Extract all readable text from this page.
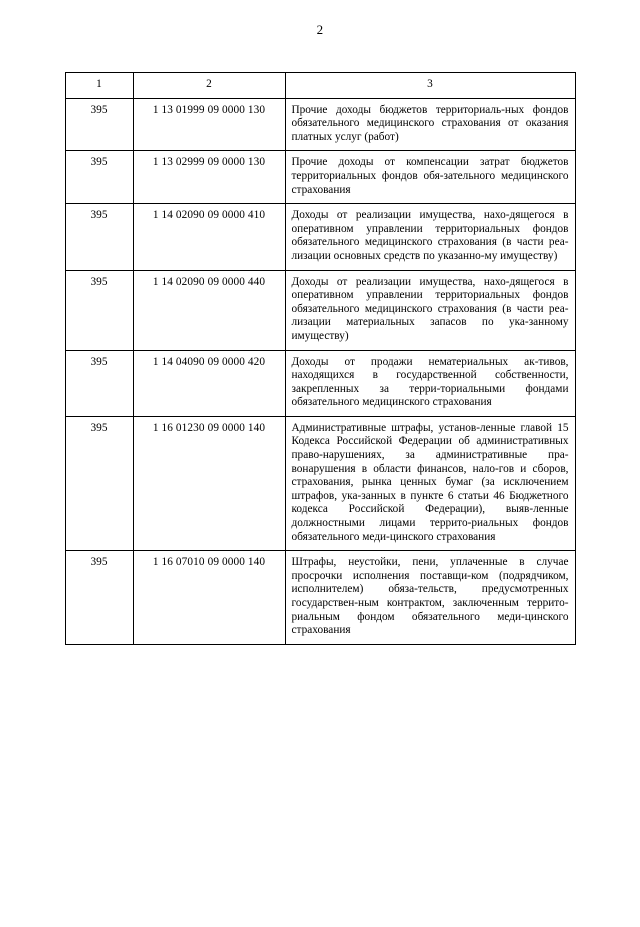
2
1	2	3
395	1 13 01999 09 0000 130	Прочие доходы бюджетов территориаль-ных фондов обязательного медицинского страхования от оказания платных услуг (работ)
395	1 13 02999 09 0000 130	Прочие доходы от компенсации затрат бюджетов территориальных фондов обя-зательного медицинского страхования
395	1 14 02090 09 0000 410	Доходы от реализации имущества, нахо-дящегося в оперативном управлении территориальных фондов обязательного медицинского страхования (в части реа-лизации основных средств по указанно-му имуществу)
395	1 14 02090 09 0000 440	Доходы от реализации имущества, нахо-дящегося в оперативном управлении территориальных фондов обязательного медицинского страхования (в части реа-лизации материальных запасов по ука-занному имуществу)
395	1 14 04090 09 0000 420	Доходы от продажи нематериальных ак-тивов, находящихся в государственной собственности, закрепленных за терри-ториальными фондами обязательного медицинского страхования
395	1 16 01230 09 0000 140	Административные штрафы, установ-ленные главой 15 Кодекса Российской Федерации об административных право-нарушениях, за административные пра-вонарушения в области финансов, нало-гов и сборов, страхования, рынка ценных бумаг (за исключением штрафов, ука-занных в пункте 6 статьи 46 Бюджетного кодекса Российской Федерации), выяв-ленные должностными лицами террито-риальных фондов обязательного меди-цинского страхования
395	1 16 07010 09 0000 140	Штрафы, неустойки, пени, уплаченные в случае просрочки исполнения поставщи-ком (подрядчиком, исполнителем) обяза-тельств, предусмотренных государствен-ным контрактом, заключенным террито-риальным фондом обязательного меди-цинского страхования
